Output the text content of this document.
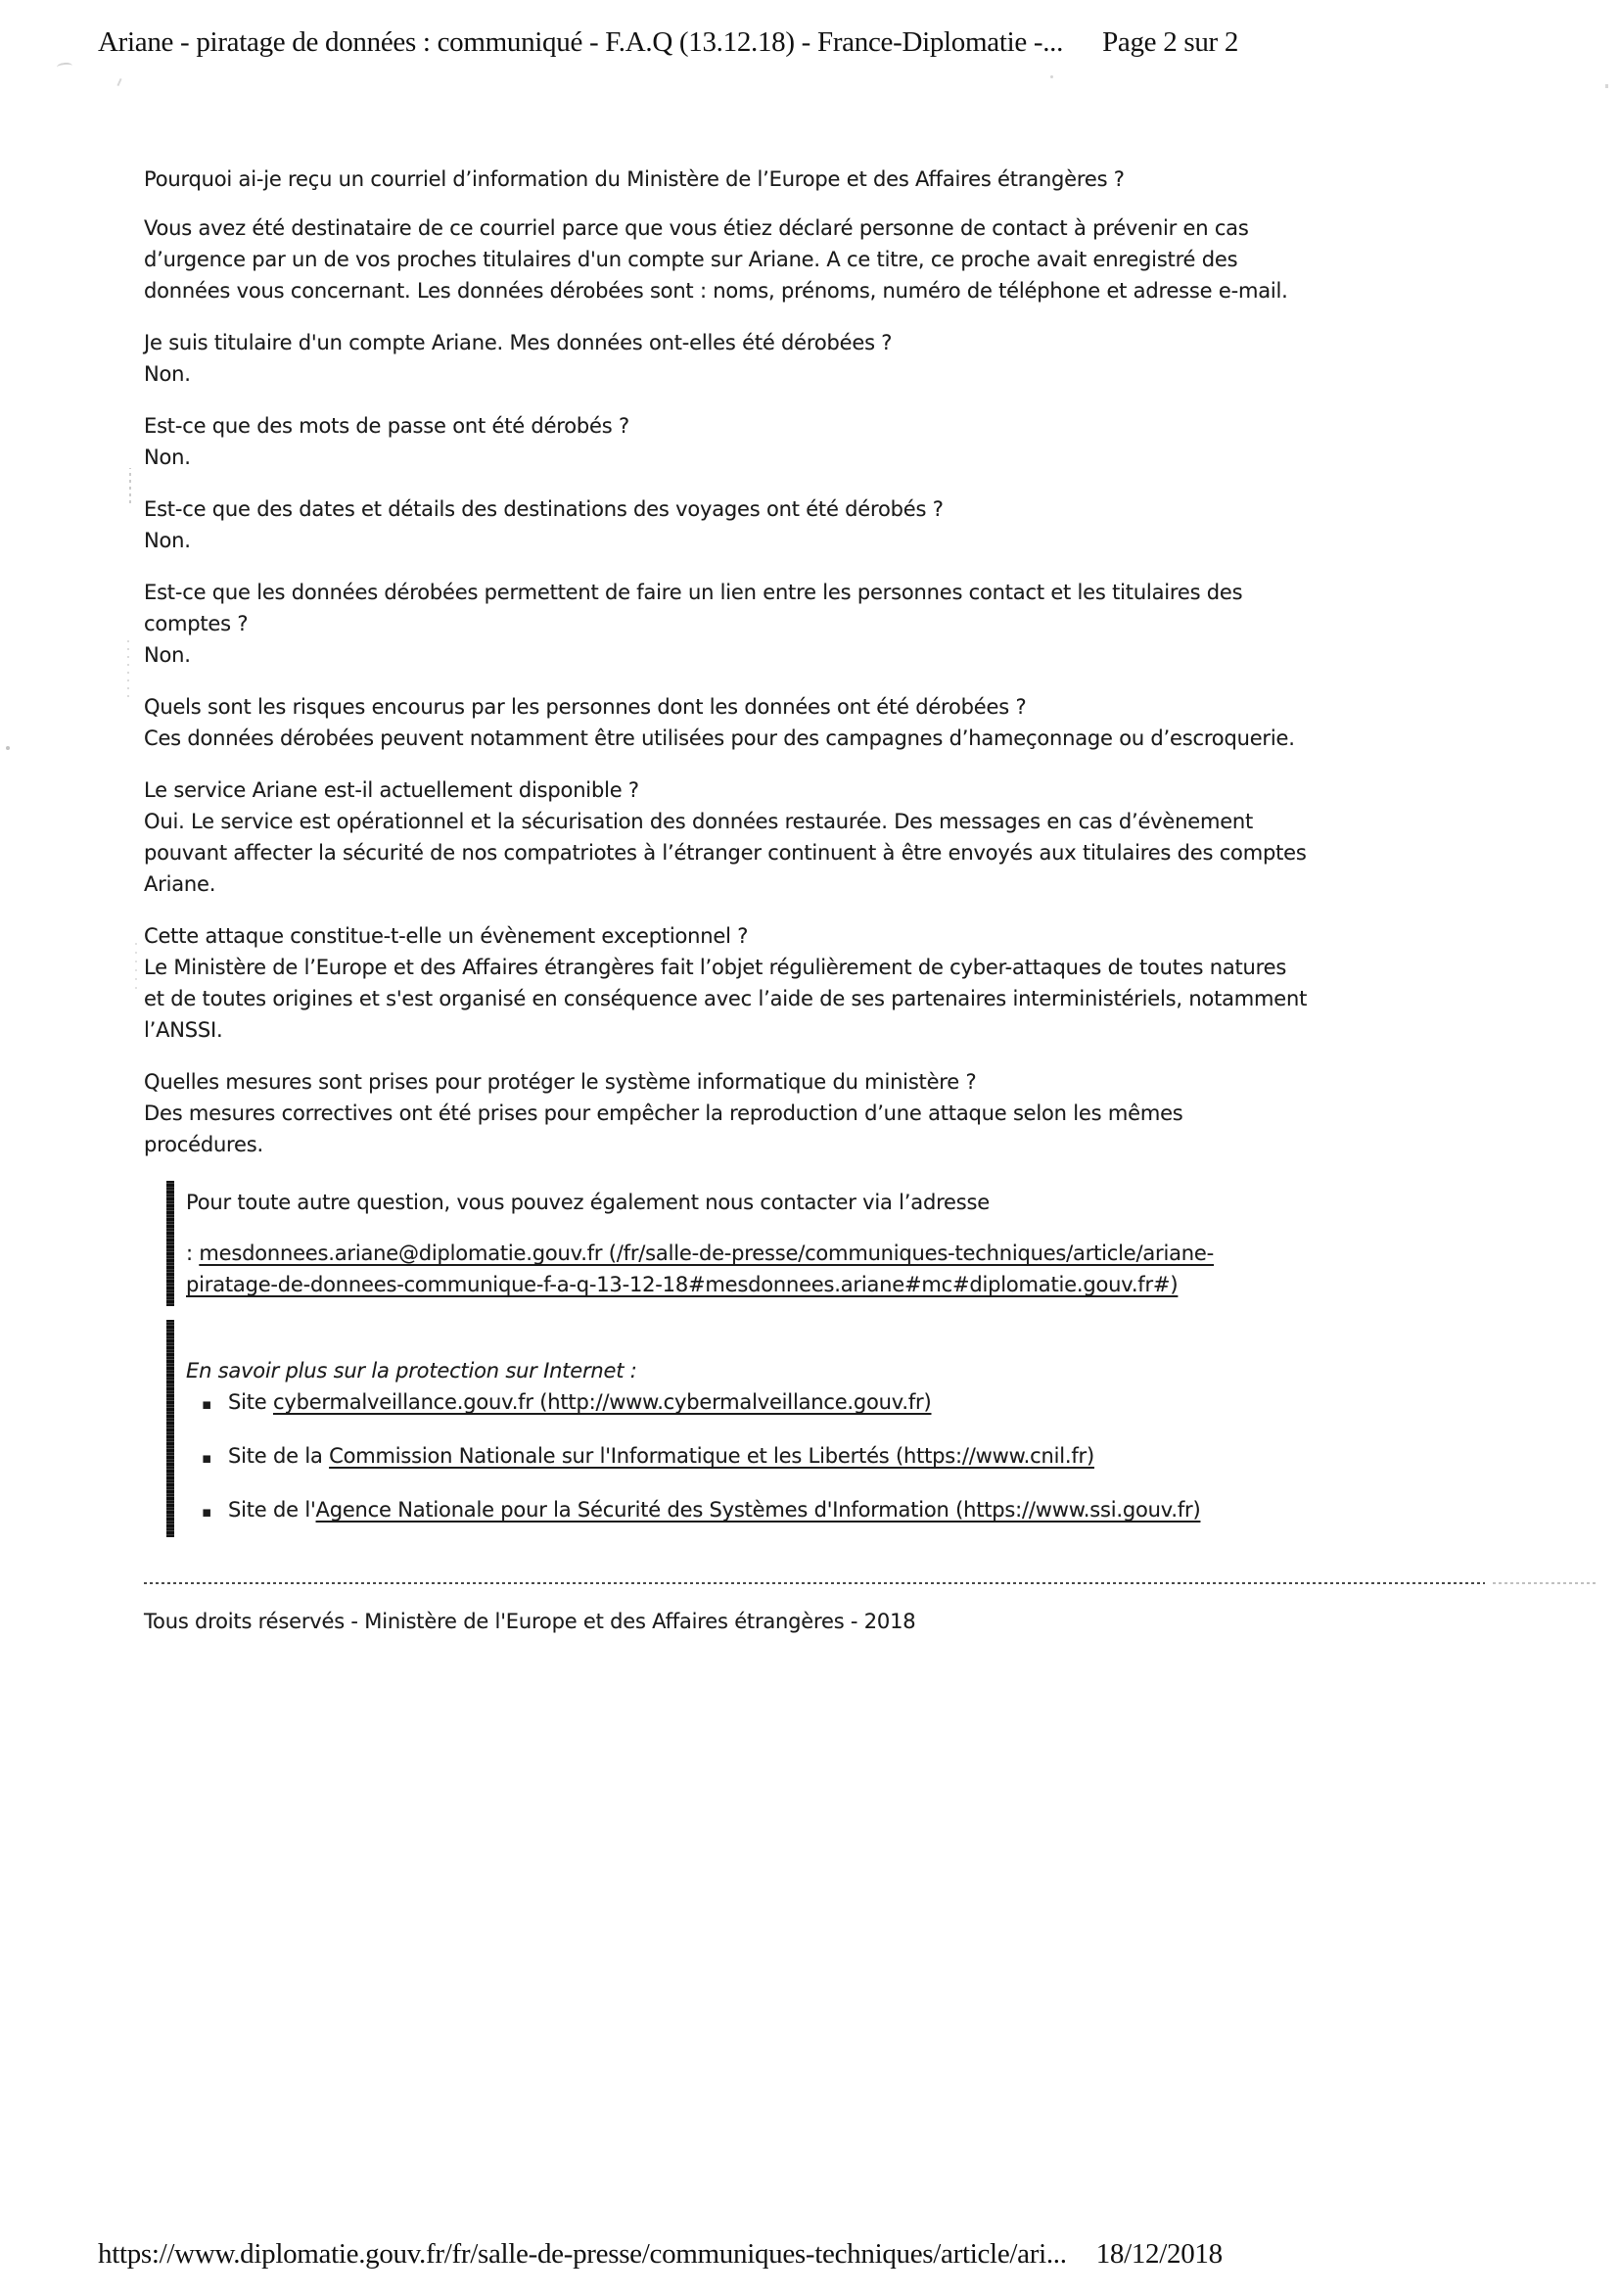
Ariane - piratage de données : communiqué - F.A.Q (13.12.18) - France-Diplomatie -... Page 2 sur 2
Pourquoi ai-je reçu un courriel d’information du Ministère de l’Europe et des Affaires étrangères ?
Vous avez été destinataire de ce courriel parce que vous étiez déclaré personne de contact à prévenir en cas
d’urgence par un de vos proches titulaires d'un compte sur Ariane. A ce titre, ce proche avait enregistré des
données vous concernant. Les données dérobées sont : noms, prénoms, numéro de téléphone et adresse e-mail.
Je suis titulaire d'un compte Ariane. Mes données ont-elles été dérobées ?
Non.
Est-ce que des mots de passe ont été dérobés ?
Non.
Est-ce que des dates et détails des destinations des voyages ont été dérobés ?
Non.
Est-ce que les données dérobées permettent de faire un lien entre les personnes contact et les titulaires des
comptes ?
Non.
Quels sont les risques encourus par les personnes dont les données ont été dérobées ?
Ces données dérobées peuvent notamment être utilisées pour des campagnes d’hameçonnage ou d’escroquerie.
Le service Ariane est-il actuellement disponible ?
Oui. Le service est opérationnel et la sécurisation des données restaurée. Des messages en cas d’évènement
pouvant affecter la sécurité de nos compatriotes à l’étranger continuent à être envoyés aux titulaires des comptes
Ariane.
Cette attaque constitue-t-elle un évènement exceptionnel ?
Le Ministère de l’Europe et des Affaires étrangères fait l’objet régulièrement de cyber-attaques de toutes natures
et de toutes origines et s'est organisé en conséquence avec l’aide de ses partenaires interministériels, notamment
l’ANSSI.
Quelles mesures sont prises pour protéger le système informatique du ministère ?
Des mesures correctives ont été prises pour empêcher la reproduction d’une attaque selon les mêmes
procédures.
Pour toute autre question, vous pouvez également nous contacter via l’adresse
: mesdonnees.ariane@diplomatie.gouv.fr (/fr/salle-de-presse/communiques-techniques/article/ariane-
piratage-de-donnees-communique-f-a-q-13-12-18#mesdonnees.ariane#mc#diplomatie.gouv.fr#)
En savoir plus sur la protection sur Internet :
▪ Site cybermalveillance.gouv.fr (http://www.cybermalveillance.gouv.fr)
▪ Site de la Commission Nationale sur l'Informatique et les Libertés (https://www.cnil.fr)
▪ Site de l'Agence Nationale pour la Sécurité des Systèmes d'Information (https://www.ssi.gouv.fr)
Tous droits réservés - Ministère de l'Europe et des Affaires étrangères - 2018
https://www.diplomatie.gouv.fr/fr/salle-de-presse/communiques-techniques/article/ari... 18/12/2018
